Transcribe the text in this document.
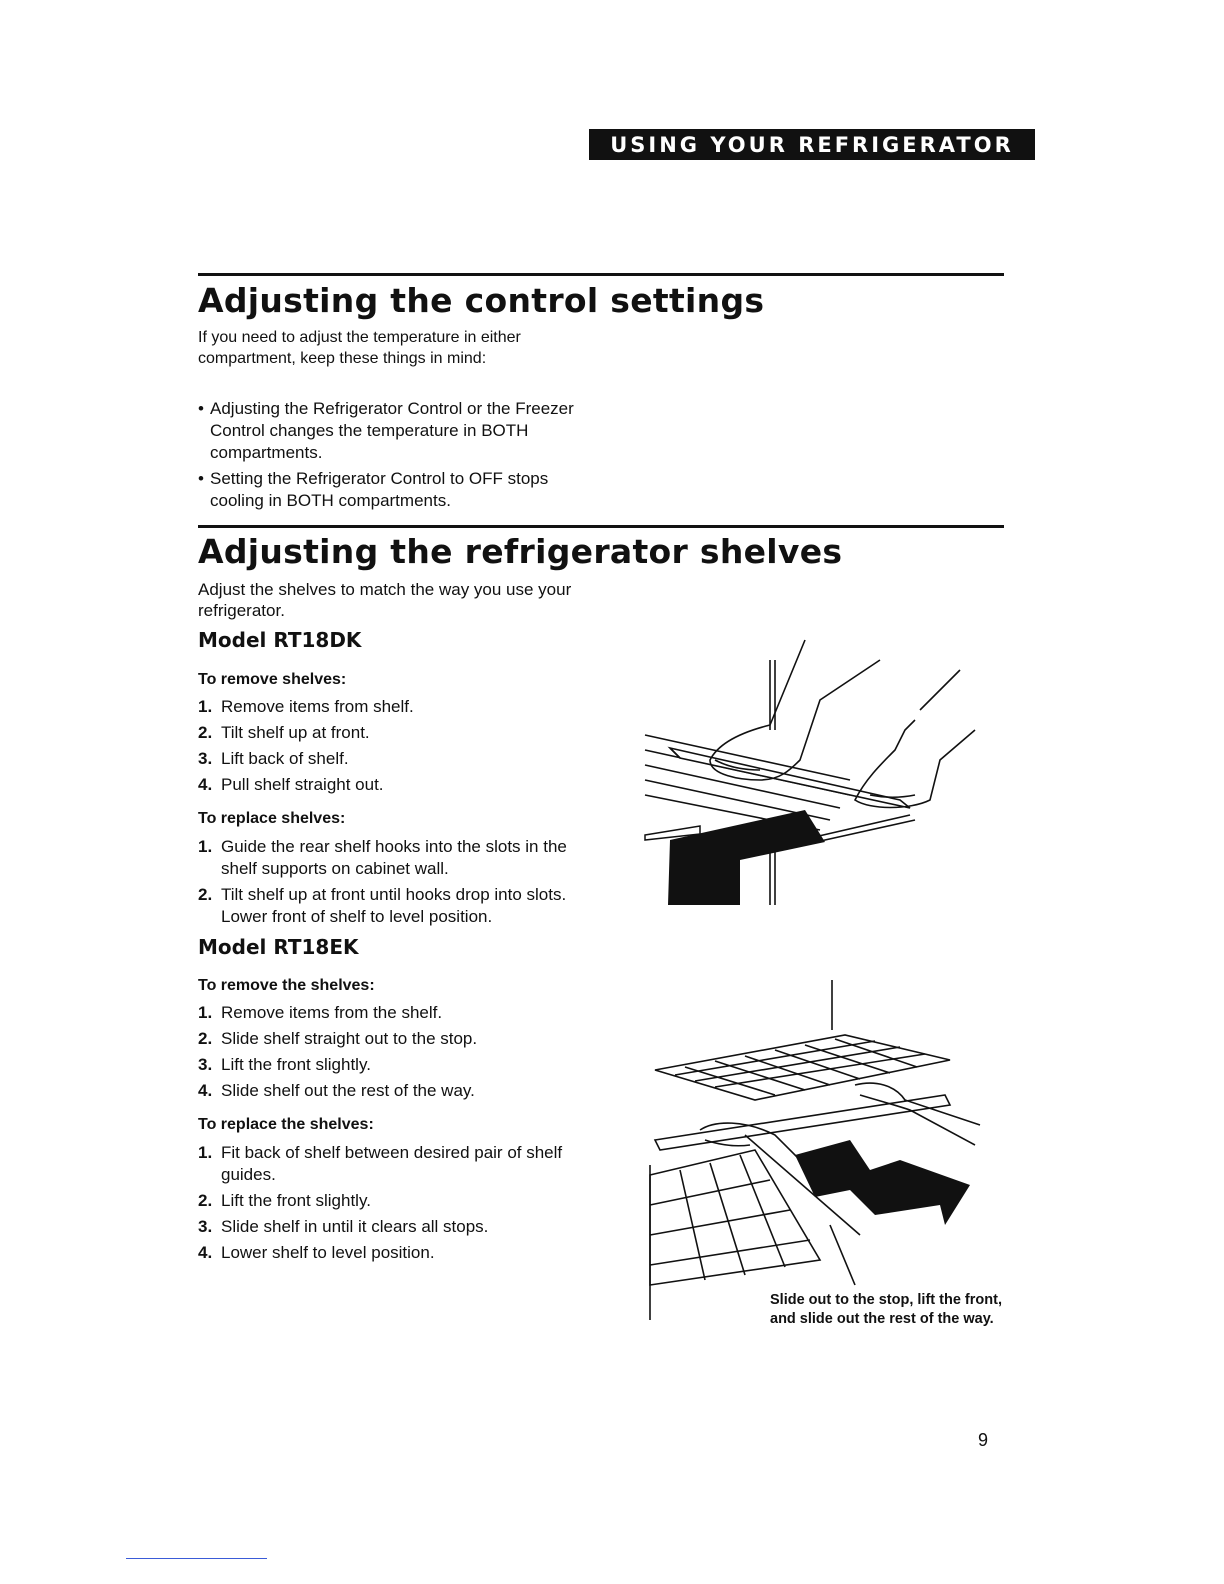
USING YOUR REFRIGERATOR
Adjusting the control settings
If you need to adjust the temperature in either compartment, keep these things in mind:
• Adjusting the Refrigerator Control or the Freezer Control changes the temperature in BOTH compartments.
• Setting the Refrigerator Control to OFF stops cooling in BOTH compartments.
Adjusting the refrigerator shelves
Adjust the shelves to match the way you use your refrigerator.
Model RT18DK
To remove shelves:
1. Remove items from shelf.
2. Tilt shelf up at front.
3. Lift back of shelf.
4. Pull shelf straight out.
To replace shelves:
1. Guide the rear shelf hooks into the slots in the shelf supports on cabinet wall.
2. Tilt shelf up at front until hooks drop into slots. Lower front of shelf to level position.
Model RT18EK
To remove the shelves:
1. Remove items from the shelf.
2. Slide shelf straight out to the stop.
3. Lift the front slightly.
4. Slide shelf out the rest of the way.
To replace the shelves:
1. Fit back of shelf between desired pair of shelf guides.
2. Lift the front slightly.
3. Slide shelf in until it clears all stops.
4. Lower shelf to level position.
Slide out to the stop, lift the front, and slide out the rest of the way.
9
